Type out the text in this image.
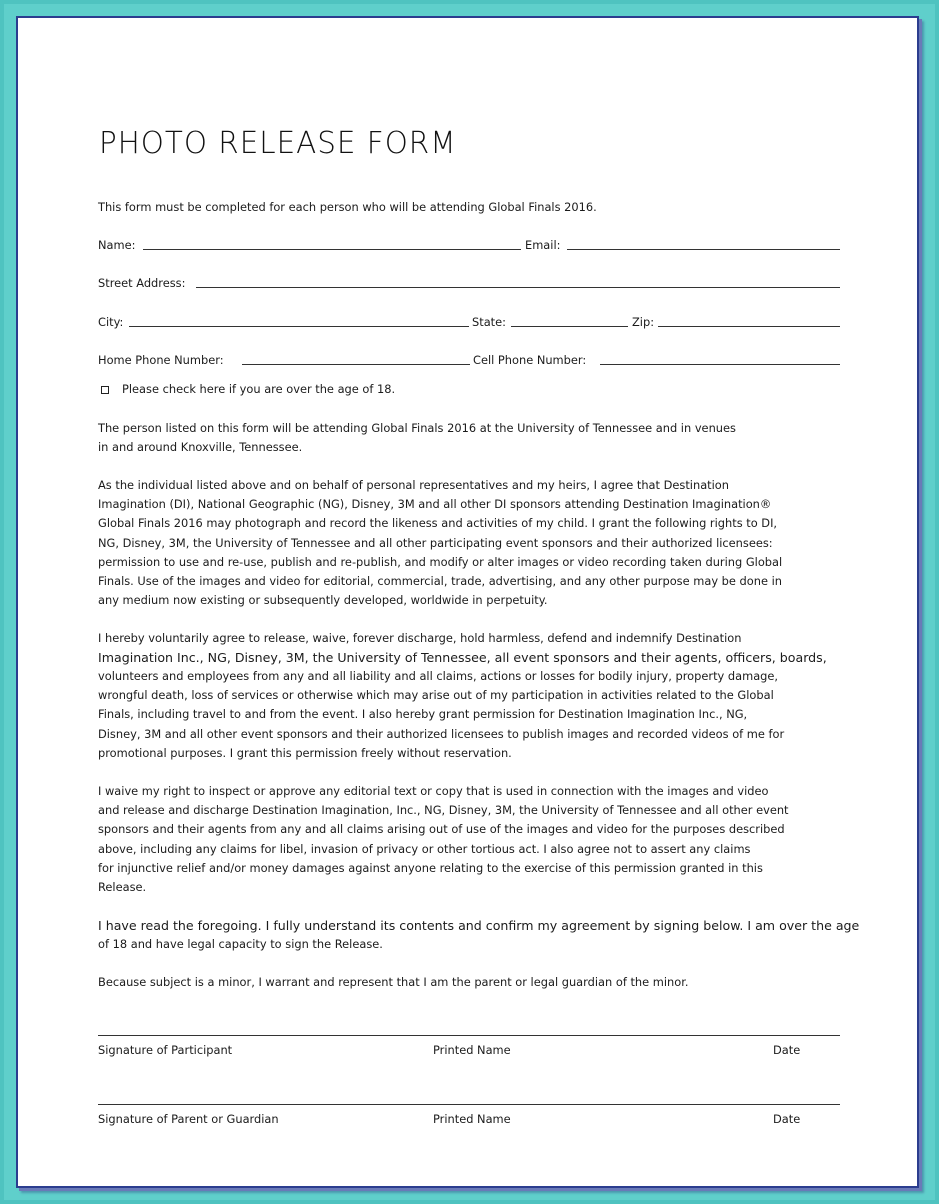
PHOTO RELEASE FORM
This form must be completed for each person who will be attending Global Finals 2016.
Name:	Email:
Street Address:
City:	State:	Zip:
Home Phone Number:	Cell Phone Number:
Please check here if you are over the age of 18.
The person listed on this form will be attending Global Finals 2016 at the University of Tennessee and in venues
in and around Knoxville, Tennessee.
As the individual listed above and on behalf of personal representatives and my heirs, I agree that Destination
Imagination (DI), National Geographic (NG), Disney, 3M and all other DI sponsors attending Destination Imagination®
Global Finals 2016 may photograph and record the likeness and activities of my child. I grant the following rights to DI,
NG, Disney, 3M, the University of Tennessee and all other participating event sponsors and their authorized licensees:
permission to use and re-use, publish and re-publish, and modify or alter images or video recording taken during Global
Finals. Use of the images and video for editorial, commercial, trade, advertising, and any other purpose may be done in
any medium now existing or subsequently developed, worldwide in perpetuity.
I hereby voluntarily agree to release, waive, forever discharge, hold harmless, defend and indemnify Destination
Imagination Inc., NG, Disney, 3M, the University of Tennessee, all event sponsors and their agents, officers, boards,
volunteers and employees from any and all liability and all claims, actions or losses for bodily injury, property damage,
wrongful death, loss of services or otherwise which may arise out of my participation in activities related to the Global
Finals, including travel to and from the event. I also hereby grant permission for Destination Imagination Inc., NG,
Disney, 3M and all other event sponsors and their authorized licensees to publish images and recorded videos of me for
promotional purposes. I grant this permission freely without reservation.
I waive my right to inspect or approve any editorial text or copy that is used in connection with the images and video
and release and discharge Destination Imagination, Inc., NG, Disney, 3M, the University of Tennessee and all other event
sponsors and their agents from any and all claims arising out of use of the images and video for the purposes described
above, including any claims for libel, invasion of privacy or other tortious act. I also agree not to assert any claims
for injunctive relief and/or money damages against anyone relating to the exercise of this permission granted in this
Release.
I have read the foregoing. I fully understand its contents and confirm my agreement by signing below. I am over the age
of 18 and have legal capacity to sign the Release.
Because subject is a minor, I warrant and represent that I am the parent or legal guardian of the minor.
Signature of Participant	Printed Name	Date
Signature of Parent or Guardian	Printed Name	Date
